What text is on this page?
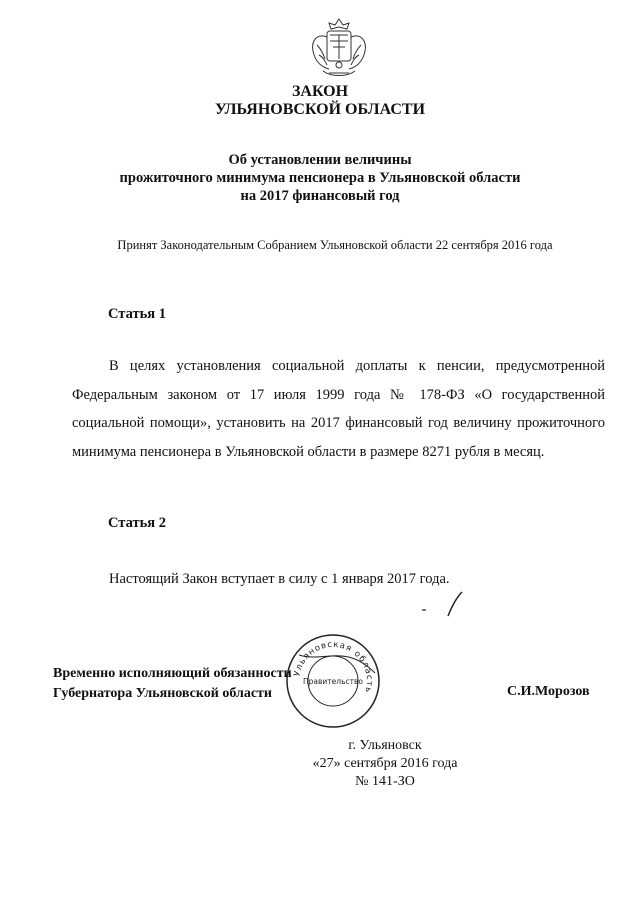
ЗАКОН
УЛЬЯНОВСКОЙ ОБЛАСТИ
Об установлении величины
прожиточного минимума пенсионера в Ульяновской области
на 2017 финансовый год
Принят Законодательным Собранием Ульяновской области 22 сентября 2016 года
Статья 1
В целях установления социальной доплаты к пенсии, предусмотренной Федеральным законом от 17 июля 1999 года № 178-ФЗ «О государственной социальной помощи», установить на 2017 финансовый год величину прожиточного минимума пенсионера в Ульяновской области в размере 8271 рубля в месяц.
Статья 2
Настоящий Закон вступает в силу с 1 января 2017 года.
Временно исполняющий обязанности
Губернатора Ульяновской области
Ульяновская область
Правительство
С.И.Морозов
г. Ульяновск
«27» сентября 2016 года
№ 141-ЗО
